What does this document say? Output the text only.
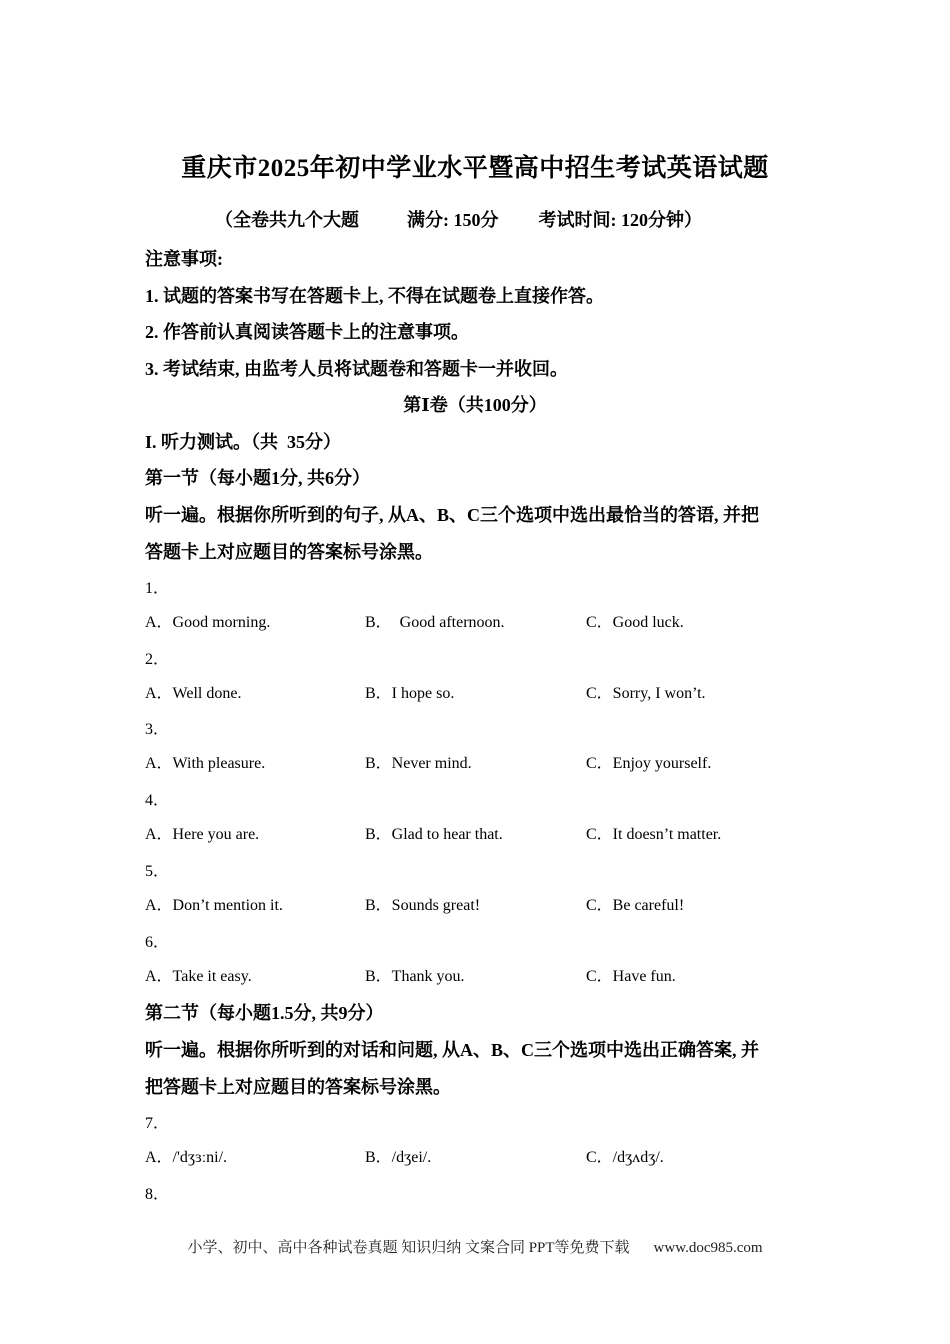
重庆市2025年初中学业水平暨高中招生考试英语试题
（全卷共九个大题	满分: 150分 考试时间: 120分钟）
注意事项:
1. 试题的答案书写在答题卡上, 不得在试题卷上直接作答。
2. 作答前认真阅读答题卡上的注意事项。
3. 考试结束, 由监考人员将试题卷和答题卡一并收回。
第Ⅰ卷（共100分）
I. 听力测试。（共  35分）
第一节（每小题1分, 共6分）
听一遍。根据你所听到的句子, 从A、B、C三个选项中选出最恰当的答语, 并把
答题卡上对应题目的答案标号涂黑。
1．
A．Good morning.	B．  Good afternoon.	C．Good luck.
2．
A．Well done.	B．I hope so.	C．Sorry, I won’t.
3．
A．With pleasure.	B．Never mind.	C．Enjoy yourself.
4．
A．Here you are.	B．Glad to hear that.	C．It doesn’t matter.
5．
A．Don’t mention it.	B．Sounds great!	C．Be careful!
6．
A．Take it easy.	B．Thank you.	C．Have fun.
第二节（每小题1.5分, 共9分）
听一遍。根据你所听到的对话和问题, 从A、B、C三个选项中选出正确答案, 并
把答题卡上对应题目的答案标号涂黑。
7．
A．/'dʒɜːni/.	B．/dʒei/.	C．/dʒʌdʒ/.
8．
小学、初中、高中各种试卷真题 知识归纳 文案合同 PPT等免费下载 www.doc985.com
